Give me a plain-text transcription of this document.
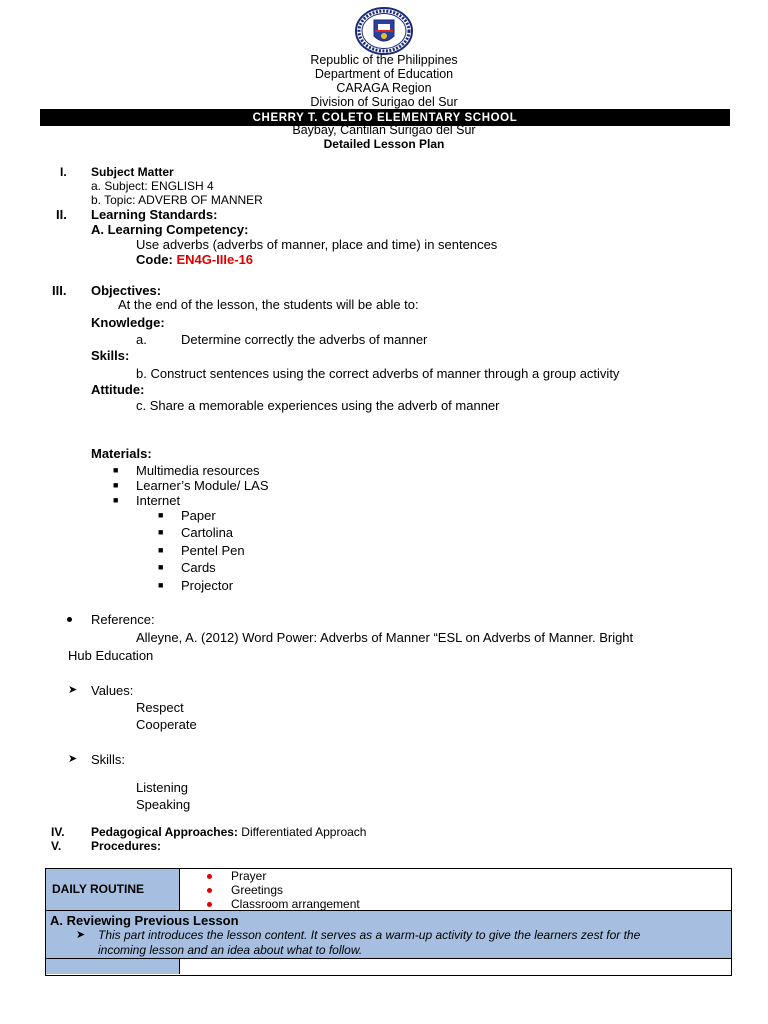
Republic of the Philippines
Department of Education
CARAGA Region
Division of Surigao del Sur
CHERRY T. COLETO ELEMENTARY SCHOOL
Baybay, Cantilan Surigao del Sur
Detailed Lesson Plan
I. Subject Matter
a. Subject: ENGLISH 4
b. Topic: ADVERB OF MANNER
II. Learning Standards:
A. Learning Competency:
Use adverbs (adverbs of manner, place and time) in sentences
Code: EN4G-IIIe-16
III. Objectives:
At the end of the lesson, the students will be able to:
Knowledge:
a.	Determine correctly the adverbs of manner
Skills:
b. Construct sentences using the correct adverbs of manner through a group activity
Attitude:
c. Share a memorable experiences using the adverb of manner
Materials:
■ Multimedia resources
■ Learner’s Module/ LAS
■ Internet
■ Paper
■ Cartolina
■ Pentel Pen
■ Cards
■ Projector
Reference:
Alleyne, A. (2012) Word Power: Adverbs of Manner “ESL on Adverbs of Manner. Bright
Hub Education
➤ Values:
Respect
Cooperate
➤ Skills:
Listening
Speaking
IV. Pedagogical Approaches: Differentiated Approach
V. Procedures:
DAILY ROUTINE
Prayer
Greetings
Classroom arrangement
A. Reviewing Previous Lesson
➤ This part introduces the lesson content. It serves as a warm-up activity to give the learners zest for the
incoming lesson and an idea about what to follow.
